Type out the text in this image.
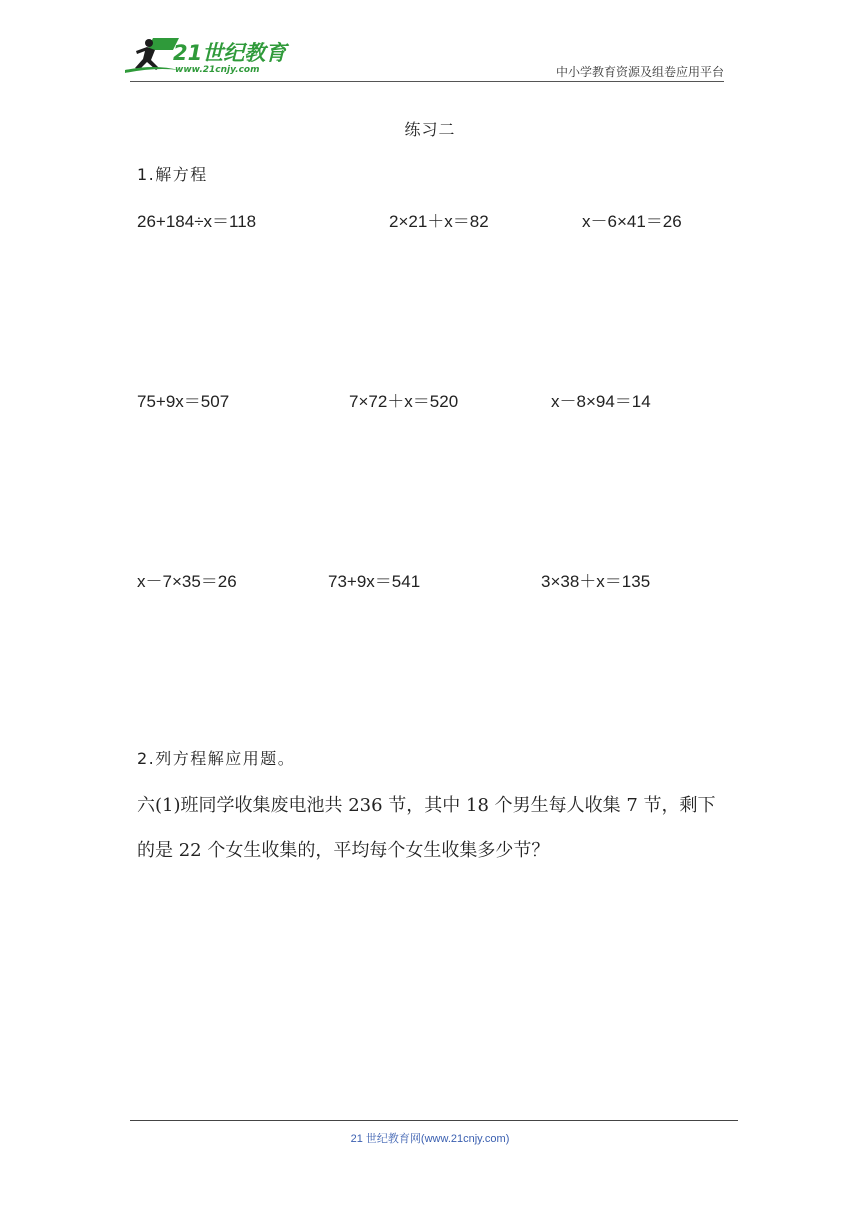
21世纪教育
www.21cnjy.com	中小学教育资源及组卷应用平台
练习二
1.解方程
26+184÷x＝118	2×21＋x＝82	x－6×41＝26
75+9x＝507	7×72＋x＝520	x－8×94＝14
x－7×35＝26	73+9x＝541	3×38＋x＝135
2.列方程解应用题。
六(1)班同学收集废电池共 236 节，其中 18 个男生每人收集 7 节，剩下
的是 22 个女生收集的，平均每个女生收集多少节？
21 世纪教育网(www.21cnjy.com)
